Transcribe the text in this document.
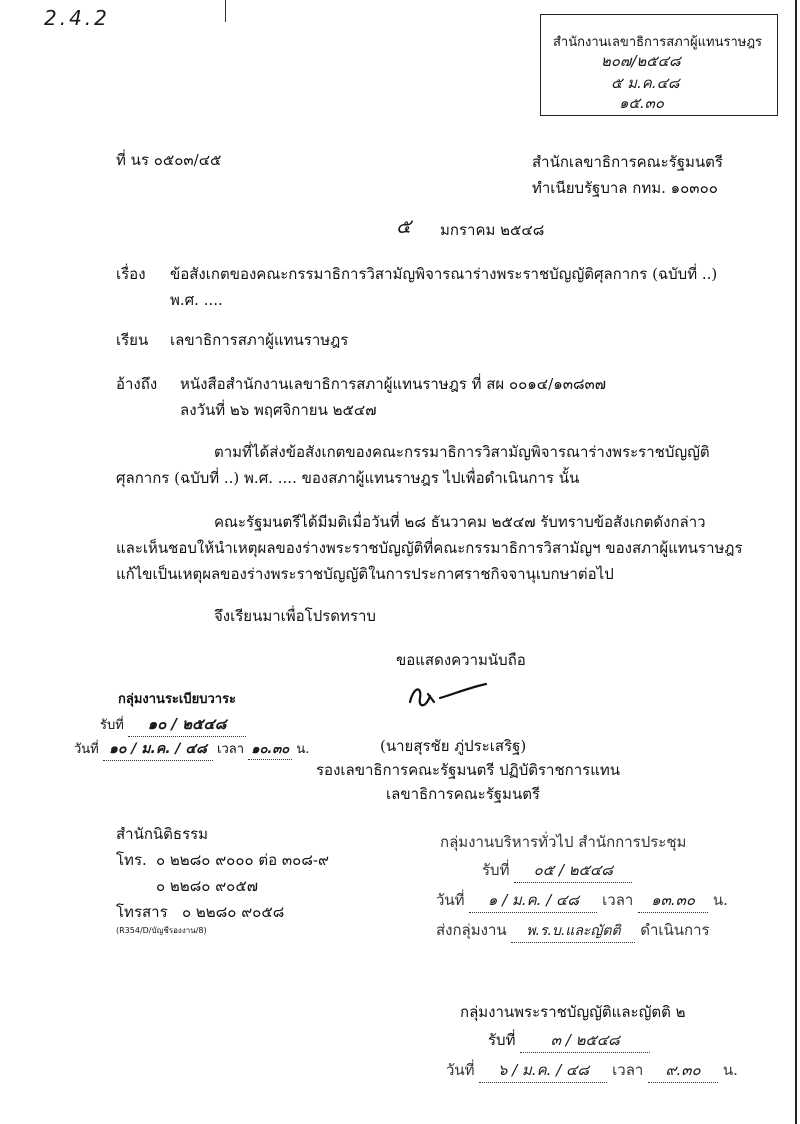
2.4.2
สำนักงานเลขาธิการสภาผู้แทนราษฎร
๒๐๗/๒๕๔๘
๕ ม.ค.๔๘
๑๕.๓๐
ที่ นร ๐๕๐๓/๔๕	สำนักเลขาธิการคณะรัฐมนตรี
ทำเนียบรัฐบาล กทม. ๑๐๓๐๐
๕ มกราคม ๒๕๔๘
เรื่อง ข้อสังเกตของคณะกรรมาธิการวิสามัญพิจารณาร่างพระราชบัญญัติศุลกากร (ฉบับที่ ..)
พ.ศ. ....
เรียน เลขาธิการสภาผู้แทนราษฎร
อ้างถึง หนังสือสำนักงานเลขาธิการสภาผู้แทนราษฎร ที่ สผ ๐๐๑๔/๑๓๘๓๗
ลงวันที่ ๒๖ พฤศจิกายน ๒๕๔๗
ตามที่ได้ส่งข้อสังเกตของคณะกรรมาธิการวิสามัญพิจารณาร่างพระราชบัญญัติ
ศุลกากร (ฉบับที่ ..) พ.ศ. .... ของสภาผู้แทนราษฎร ไปเพื่อดำเนินการ นั้น
คณะรัฐมนตรีได้มีมติเมื่อวันที่ ๒๘ ธันวาคม ๒๕๔๗ รับทราบข้อสังเกตดังกล่าว
และเห็นชอบให้นำเหตุผลของร่างพระราชบัญญัติที่คณะกรรมาธิการวิสามัญฯ ของสภาผู้แทนราษฎร
แก้ไขเป็นเหตุผลของร่างพระราชบัญญัติในการประกาศราชกิจจานุเบกษาต่อไป
จึงเรียนมาเพื่อโปรดทราบ
ขอแสดงความนับถือ
กลุ่มงานระเบียบวาระ
รับที่ ๑๐ / ๒๕๔๘
วันที่ ๑๐ / ม.ค. / ๔๘ เวลา ๑๐.๓๐ น.	(นายสุรชัย ภู่ประเสริฐ)
รองเลขาธิการคณะรัฐมนตรี ปฏิบัติราชการแทน
เลขาธิการคณะรัฐมนตรี
สำนักนิติธรรม
โทร. ๐ ๒๒๘๐ ๙๐๐๐ ต่อ ๓๐๘-๙
๐ ๒๒๘๐ ๙๐๕๗
โทรสาร ๐ ๒๒๘๐ ๙๐๕๘
(R354/D/บัญชีรองงาน/8)
กลุ่มงานบริหารทั่วไป สำนักการประชุม
รับที่ ๐๕ / ๒๕๔๘
วันที่ ๑ / ม.ค. / ๔๘ เวลา ๑๓.๓๐ น.
ส่งกลุ่มงาน พ.ร.บ.และญัตติ ดำเนินการ
กลุ่มงานพระราชบัญญัติและญัตติ ๒
รับที่ ๓ / ๒๕๔๘
วันที่ ๖ / ม.ค. / ๔๘ เวลา ๙.๓๐ น.
